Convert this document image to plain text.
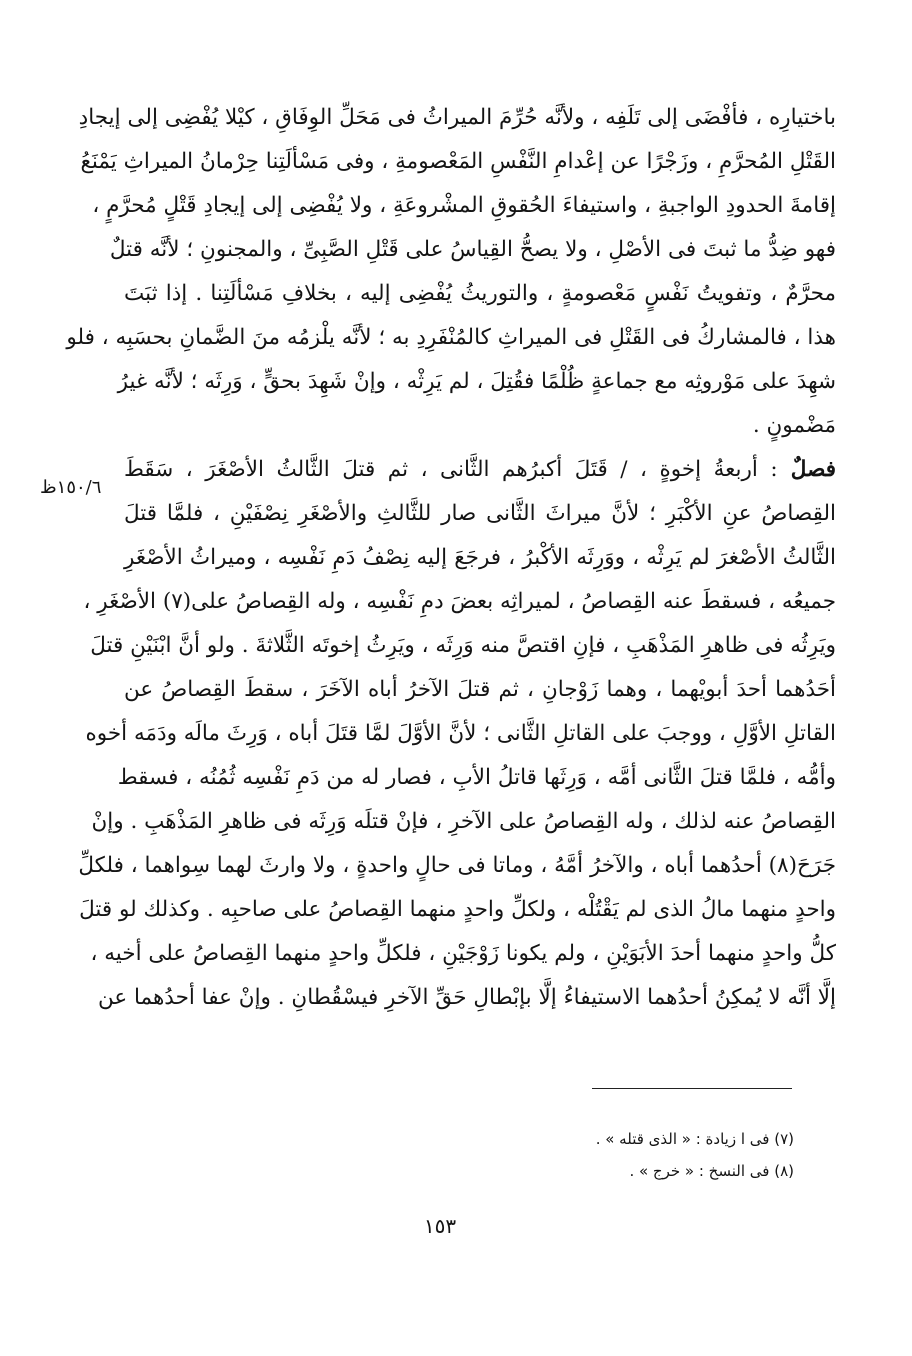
باختيارِه ، فأفْضَى إلى تَلَفِه ، ولأنَّه حُرِّمَ الميراثُ فى مَحَلِّ الوِفَاقِ ، كيْلا يُفْضِى إلى إيجادِ
القَتْلِ المُحرَّمِ ، وزَجْرًا عن إعْدامِ النَّفْسِ المَعْصومةِ ، وفى مَسْألَتِنا حِرْمانُ الميراثِ يَمْنَعُ
إقامةَ الحدودِ الواجبةِ ، واستيفاءَ الحُقوقِ المشْروعَةِ ، ولا يُفْضِى إلى إيجادِ قَتْلٍ مُحرَّمٍ ،
فهو ضِدُّ ما ثبتَ فى الأصْلِ ، ولا يصحُّ القِياسُ على قَتْلِ الصَّبِىِّ ، والمجنونِ ؛ لأنَّه قتلٌ
محرَّمٌ ، وتفويتُ نَفْسٍ مَعْصومةٍ ، والتوريثُ يُفْضِى إليه ، بخلافِ مَسْألَتِنا . إذا ثبَتَ
هذا ، فالمشاركُ فى القَتْلِ فى الميراثِ كالمُنْفَرِدِ به ؛ لأنَّه يلْزمُه منَ الضَّمانِ بحسَبِه ، فلو
شهِدَ على مَوْروثِه مع جماعةٍ ظُلْمًا فقُتِلَ ، لم يَرِثْه ، وإنْ شَهِدَ بحقٍّ ، وَرِثَه ؛ لأنَّه غيرُ
مَضْمونٍ .
فصلٌ : أربعةُ إخوةٍ ، / قَتَلَ أكبرُهم الثَّانى ، ثم قتلَ الثَّالثُ الأصْغَرَ ، سَقَطَ
القِصاصُ عنِ الأكْبَرِ ؛ لأنَّ ميراثَ الثَّانى صار للثَّالثِ والأصْغَرِ نِصْفَيْنِ ، فلمَّا قتلَ
الثَّالثُ الأصْغرَ لم يَرِثْه ، ووَرِثَه الأكْبرُ ، فرجَعَ إليه نِصْفُ دَمِ نَفْسِه ، وميراثُ الأصْغَرِ
جميعُه ، فسقطَ عنه القِصاصُ ، لميراثِه بعضَ دمِ نَفْسِه ، وله القِصاصُ على(٧) الأصْغَرِ ،
ويَرِثُه فى ظاهرِ المَذْهَبِ ، فإنِ اقتصَّ منه وَرِثَه ، ويَرِثُ إخوتَه الثَّلاثةَ . ولو أنَّ ابْنَيْنِ قتلَ
أحَدُهما أحدَ أبويْهما ، وهما زَوْجانِ ، ثم قتلَ الآخرُ أباه الآخَرَ ، سقطَ القِصاصُ عن
القاتلِ الأوَّلِ ، ووجبَ على القاتلِ الثَّانى ؛ لأنَّ الأوَّلَ لمَّا قتَلَ أباه ، وَرِثَ مالَه ودَمَه أخوه
وأمُّه ، فلمَّا قتلَ الثَّانى أمَّه ، وَرِثَها قاتلُ الأبِ ، فصار له من دَمِ نَفْسِه ثُمُنُه ، فسقط
القِصاصُ عنه لذلك ، وله القِصاصُ على الآخرِ ، فإنْ قتلَه وَرِثَه فى ظاهرِ المَذْهَبِ . وإنْ
جَرَحَ(٨) أحدُهما أباه ، والآخرُ أمَّهُ ، وماتا فى حالٍ واحدةٍ ، ولا وارثَ لهما سِواهما ، فلكلِّ
واحدٍ منهما مالُ الذى لم يَقْتُلْه ، ولكلِّ واحدٍ منهما القِصاصُ على صاحبِه . وكذلك لو قتلَ
كلُّ واحدٍ منهما أحدَ الأبَوَيْنِ ، ولم يكونا زَوْجَيْنِ ، فلكلِّ واحدٍ منهما القِصاصُ على أخيه ،
إلَّا أنَّه لا يُمكِنُ أحدُهما الاستيفاءُ إلَّا بإبْطالِ حَقِّ الآخرِ فيسْقُطانِ . وإنْ عفا أحدُهما عن
١٥٠/٦ظ
(٧) فى ا زيادة : « الذى قتله » .
(٨) فى النسخ : « خرج » .
١٥٣
